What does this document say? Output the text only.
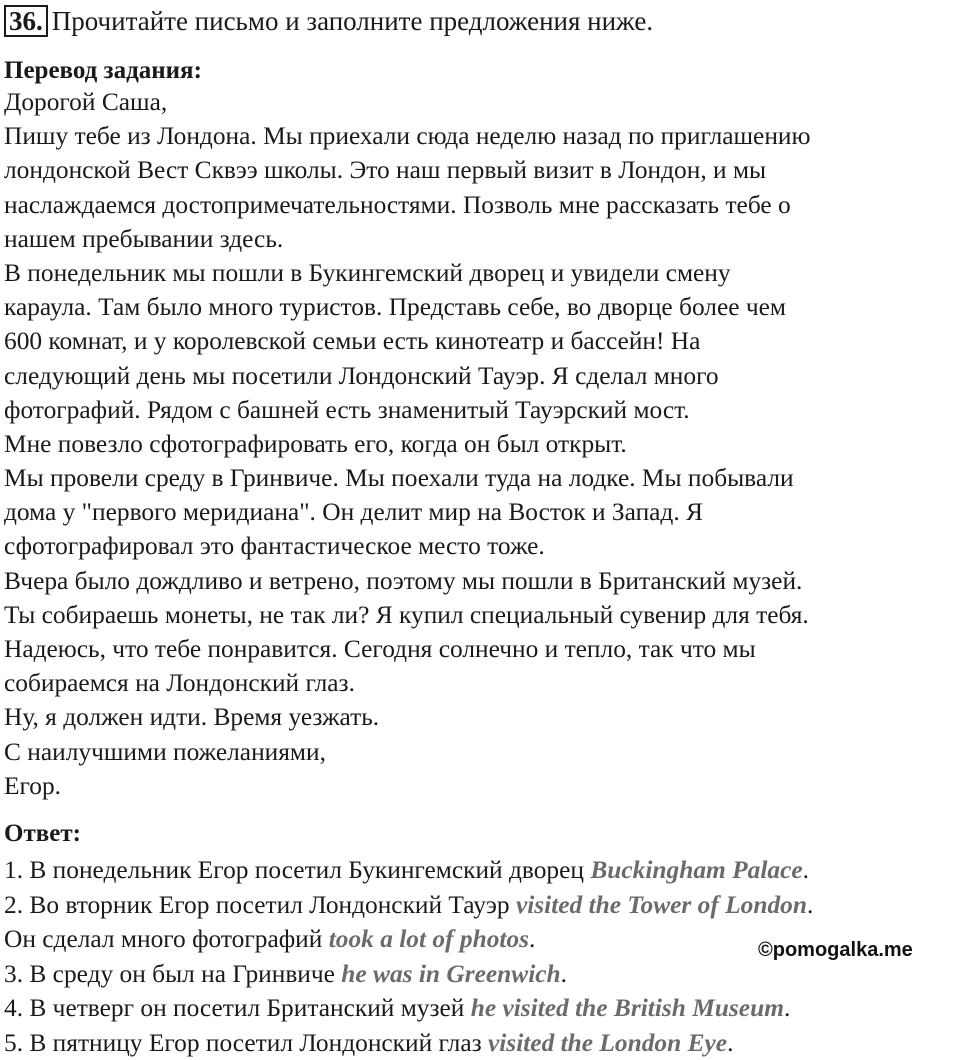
36. Прочитайте письмо и заполните предложения ниже.
Перевод задания:
Дорогой Саша,
Пишу тебе из Лондона. Мы приехали сюда неделю назад по приглашению
лондонской Вест Сквээ школы. Это наш первый визит в Лондон, и мы
наслаждаемся достопримечательностями. Позволь мне рассказать тебе о
нашем пребывании здесь.
В понедельник мы пошли в Букингемский дворец и увидели смену
караула. Там было много туристов. Представь себе, во дворце более чем
600 комнат, и у королевской семьи есть кинотеатр и бассейн! На
следующий день мы посетили Лондонский Тауэр. Я сделал много
фотографий. Рядом с башней есть знаменитый Тауэрский мост.
Мне повезло сфотографировать его, когда он был открыт.
Мы провели среду в Гринвиче. Мы поехали туда на лодке. Мы побывали
дома у "первого меридиана". Он делит мир на Восток и Запад. Я
сфотографировал это фантастическое место тоже.
Вчера было дождливо и ветрено, поэтому мы пошли в Британский музей.
Ты собираешь монеты, не так ли? Я купил специальный сувенир для тебя.
Надеюсь, что тебе понравится. Сегодня солнечно и тепло, так что мы
собираемся на Лондонский глаз.
Ну, я должен идти. Время уезжать.
С наилучшими пожеланиями,
Егор.
Ответ:
1. В понедельник Егор посетил Букингемский дворец Buckingham Palace.
2. Во вторник Егор посетил Лондонский Тауэр visited the Tower of London.
Он сделал много фотографий took a lot of photos.
3. В среду он был на Гринвиче he was in Greenwich.
4. В четверг он посетил Британский музей he visited the British Museum.
5. В пятницу Егор посетил Лондонский глаз visited the London Eye.
©pomogalka.me
